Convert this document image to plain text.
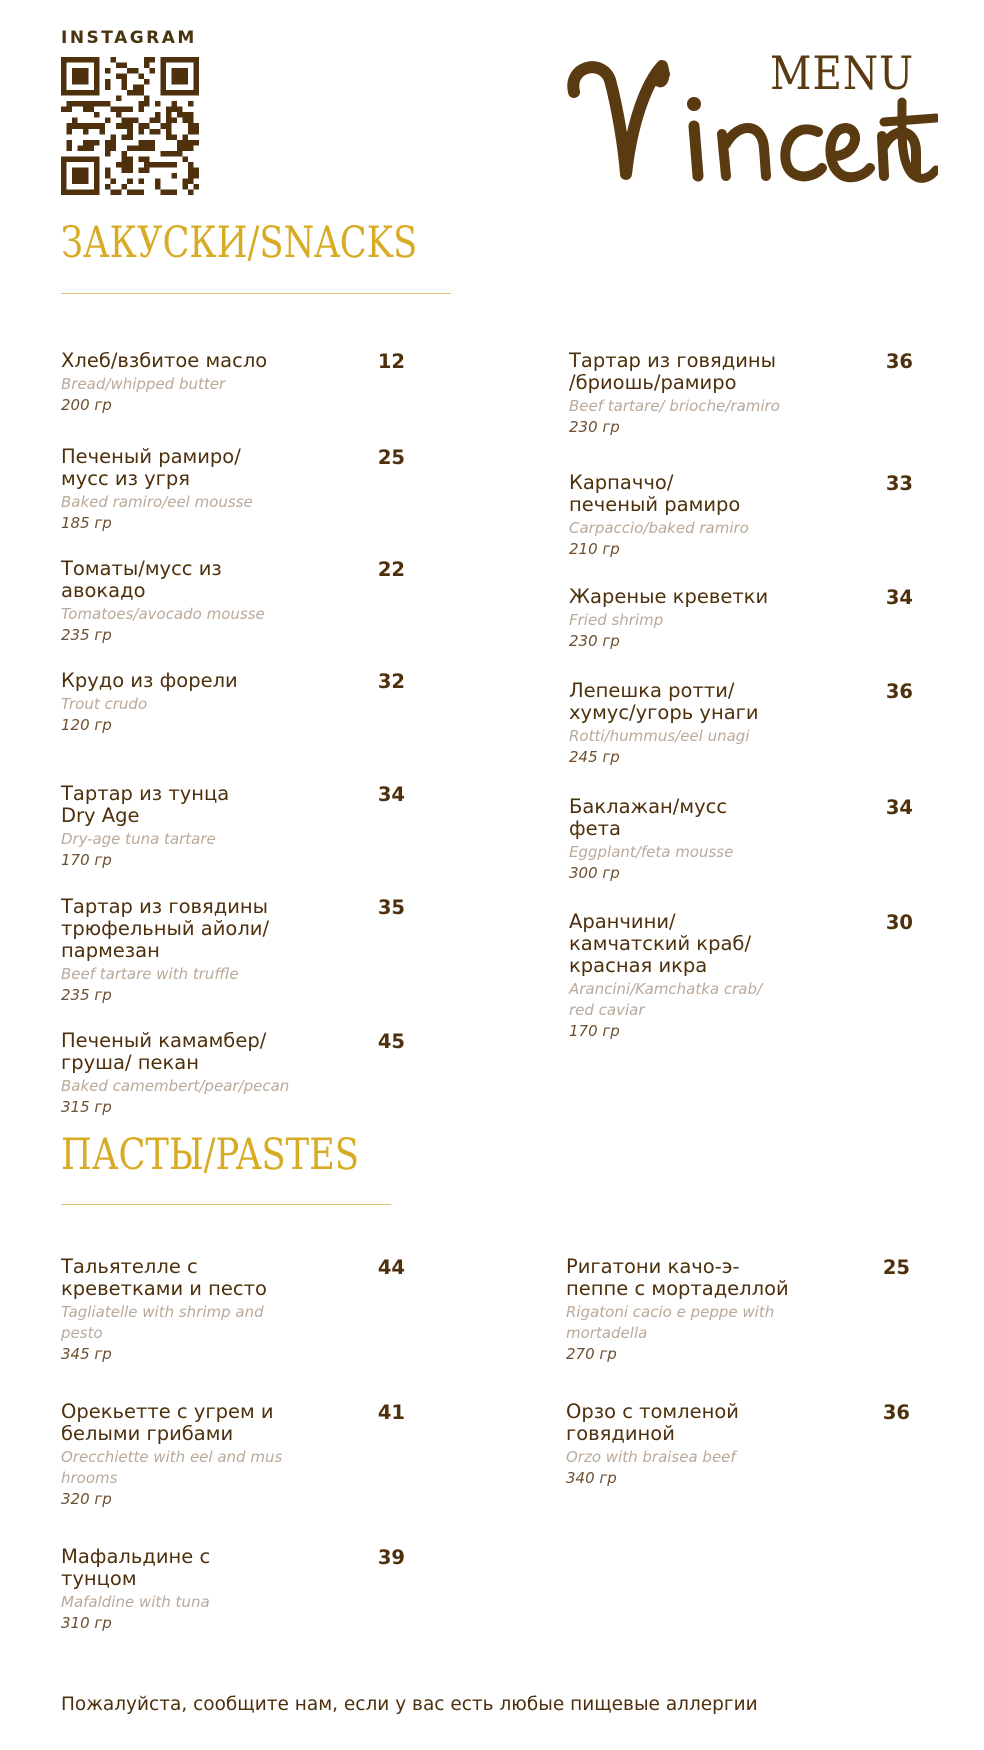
INSTAGRAM
MENU
ЗАКУСКИ/SNACKS
ПАСТЫ/PASTES
Хлеб/взбитое масло
Bread/whipped butter
200 гр
12
Печеный рамиро/
мусс из угря
Baked ramiro/eel mousse
185 гр
25
Томаты/мусс из
авокадо
Tomatoes/avocado mousse
235 гр
22
Крудо из форели
Trout crudo
120 гр
32
Тартар из тунца
Dry Age
Dry-age tuna tartare
170 гр
34
Тартар из говядины
трюфельный айоли/
пармезан
Beef tartare with truffle
235 гр
35
Печеный камамбер/
груша/ пекан
Baked camembert/pear/pecan
315 гр
45
Тартар из говядины
/бриошь/рамиро
Beef tartare/ brioche/ramiro
230 гр
36
Карпаччо/
печеный рамиро
Carpaccio/baked ramiro
210 гр
33
Жареные креветки
Fried shrimp
230 гр
34
Лепешка ротти/
хумус/угорь унаги
Rotti/hummus/eel unagi
245 гр
36
Баклажан/мусс
фета
Eggplant/feta mousse
300 гр
34
Аранчини/
камчатский краб/
красная икра
Arancini/Kamchatka crab/
red caviar
170 гр
30
Тальятелле с
креветками и песто
Tagliatelle with shrimp and
pesto
345 гр
44
Орекьетте с угрем и
белыми грибами
Orecchiette with eel and mus
hrooms
320 гр
41
Мафальдине с
тунцом
Mafaldine with tuna
310 гр
39
Ригатони качо-э-
пеппе с мортаделлой
Rigatoni cacio e peppe with
mortadella
270 гр
25
Орзо с томленой
говядиной
Orzo with braisea beef
340 гр
36
Пожалуйста, сообщите нам, если у вас есть любые пищевые аллергии
